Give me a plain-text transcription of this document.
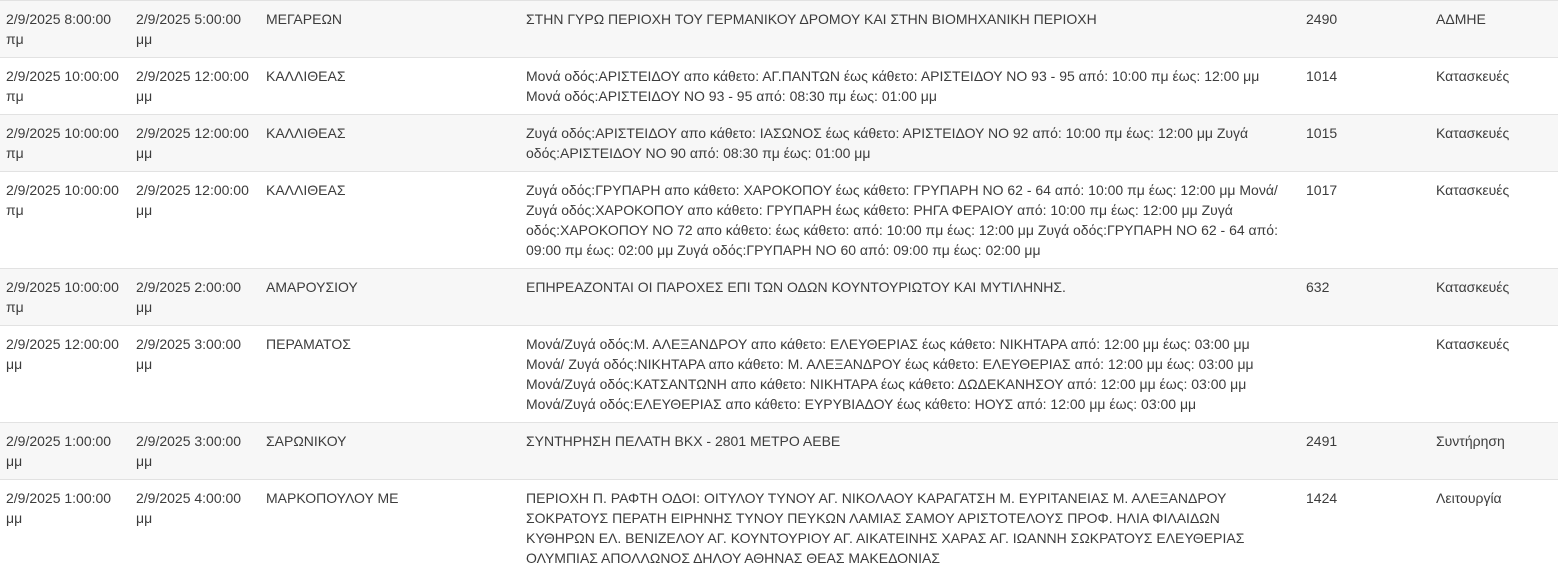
2/9/2025 8:00:00 πμ	2/9/2025 5:00:00 μμ	ΜΕΓΑΡΕΩΝ	ΣΤΗΝ ΓΥΡΩ ΠΕΡΙΟΧΗ ΤΟΥ ΓΕΡΜΑΝΙΚΟΥ ΔΡΟΜΟΥ ΚΑΙ ΣΤΗΝ ΒΙΟΜΗΧΑΝΙΚΗ ΠΕΡΙΟΧΗ	2490	ΑΔΜΗΕ
2/9/2025 10:00:00 πμ	2/9/2025 12:00:00 μμ	ΚΑΛΛΙΘΕΑΣ	Μονά οδός:ΑΡΙΣΤΕΙΔΟΥ απο κάθετο: ΑΓ.ΠΑΝΤΩΝ έως κάθετο: ΑΡΙΣΤΕΙΔΟΥ ΝΟ 93 - 95 από: 10:00 πμ έως: 12:00 μμ Μονά οδός:ΑΡΙΣΤΕΙΔΟΥ ΝΟ 93 - 95 από: 08:30 πμ έως: 01:00 μμ	1014	Κατασκευές
2/9/2025 10:00:00 πμ	2/9/2025 12:00:00 μμ	ΚΑΛΛΙΘΕΑΣ	Ζυγά οδός:ΑΡΙΣΤΕΙΔΟΥ απο κάθετο: ΙΑΣΩΝΟΣ έως κάθετο: ΑΡΙΣΤΕΙΔΟΥ ΝΟ 92 από: 10:00 πμ έως: 12:00 μμ Ζυγά οδός:ΑΡΙΣΤΕΙΔΟΥ ΝΟ 90 από: 08:30 πμ έως: 01:00 μμ	1015	Κατασκευές
2/9/2025 10:00:00 πμ	2/9/2025 12:00:00 μμ	ΚΑΛΛΙΘΕΑΣ	Ζυγά οδός:ΓΡΥΠΑΡΗ απο κάθετο: ΧΑΡΟΚΟΠΟΥ έως κάθετο: ΓΡΥΠΑΡΗ ΝΟ 62 - 64 από: 10:00 πμ έως: 12:00 μμ Μονά/ Ζυγά οδός:ΧΑΡΟΚΟΠΟΥ απο κάθετο: ΓΡΥΠΑΡΗ έως κάθετο: ΡΗΓΑ ΦΕΡΑΙΟΥ από: 10:00 πμ έως: 12:00 μμ Ζυγά οδός:ΧΑΡΟΚΟΠΟΥ ΝΟ 72 απο κάθετο: έως κάθετο: από: 10:00 πμ έως: 12:00 μμ Ζυγά οδός:ΓΡΥΠΑΡΗ ΝΟ 62 - 64 από: 09:00 πμ έως: 02:00 μμ Ζυγά οδός:ΓΡΥΠΑΡΗ ΝΟ 60 από: 09:00 πμ έως: 02:00 μμ	1017	Κατασκευές
2/9/2025 10:00:00 πμ	2/9/2025 2:00:00 μμ	ΑΜΑΡΟΥΣΙΟΥ	ΕΠΗΡΕΑΖΟΝΤΑΙ ΟΙ ΠΑΡΟΧΕΣ ΕΠΙ ΤΩΝ ΟΔΩΝ ΚΟΥΝΤΟΥΡΙΩΤΟΥ ΚΑΙ ΜΥΤΙΛΗΝΗΣ.	632	Κατασκευές
2/9/2025 12:00:00 μμ	2/9/2025 3:00:00 μμ	ΠΕΡΑΜΑΤΟΣ	Μονά/Ζυγά οδός:Μ. ΑΛΕΞΑΝΔΡΟΥ απο κάθετο: ΕΛΕΥΘΕΡΙΑΣ έως κάθετο: ΝΙΚΗΤΑΡΑ από: 12:00 μμ έως: 03:00 μμ Μονά/ Ζυγά οδός:ΝΙΚΗΤΑΡΑ απο κάθετο: Μ. ΑΛΕΞΑΝΔΡΟΥ έως κάθετο: ΕΛΕΥΘΕΡΙΑΣ από: 12:00 μμ έως: 03:00 μμ Μονά/Ζυγά οδός:ΚΑΤΣΑΝΤΩΝΗ απο κάθετο: ΝΙΚΗΤΑΡΑ έως κάθετο: ΔΩΔΕΚΑΝΗΣΟΥ από: 12:00 μμ έως: 03:00 μμ Μονά/Ζυγά οδός:ΕΛΕΥΘΕΡΙΑΣ απο κάθετο: ΕΥΡΥΒΙΑΔΟΥ έως κάθετο: ΗΟΥΣ από: 12:00 μμ έως: 03:00 μμ		Κατασκευές
2/9/2025 1:00:00 μμ	2/9/2025 3:00:00 μμ	ΣΑΡΩΝΙΚΟΥ	ΣΥΝΤΗΡΗΣΗ ΠΕΛΑΤΗ ΒΚΧ - 2801 ΜΕΤΡΟ ΑΕΒΕ	2491	Συντήρηση
2/9/2025 1:00:00 μμ	2/9/2025 4:00:00 μμ	ΜΑΡΚΟΠΟΥΛΟΥ ΜΕ	ΠΕΡΙΟΧΗ Π. ΡΑΦΤΗ ΟΔΟΙ: ΟΙΤΥΛΟΥ ΤΥΝΟΥ ΑΓ. ΝΙΚΟΛΑΟΥ ΚΑΡΑΓΑΤΣΗ Μ. ΕΥΡΙΤΑΝΕΙΑΣ Μ. ΑΛΕΞΑΝΔΡΟΥ ΣΟΚΡΑΤΟΥΣ ΠΕΡΑΤΗ ΕΙΡΗΝΗΣ ΤΥΝΟΥ ΠΕΥΚΩΝ ΛΑΜΙΑΣ ΣΑΜΟΥ ΑΡΙΣΤΟΤΕΛΟΥΣ ΠΡΟΦ. ΗΛΙΑ ΦΙΛΑΙΔΩΝ ΚΥΘΗΡΩΝ ΕΛ. ΒΕΝΙΖΕΛΟΥ ΑΓ. ΚΟΥΝΤΟΥΡΙΟΥ ΑΓ. ΑΙΚΑΤΕΙΝΗΣ ΧΑΡΑΣ ΑΓ. ΙΩΑΝΝΗ ΣΩΚΡΑΤΟΥΣ ΕΛΕΥΘΕΡΙΑΣ ΟΛΥΜΠΙΑΣ ΑΠΟΛΛΩΝΟΣ ΔΗΛΟΥ ΑΘΗΝΑΣ ΘΕΑΣ ΜΑΚΕΔΟΝΙΑΣ	1424	Λειτουργία
